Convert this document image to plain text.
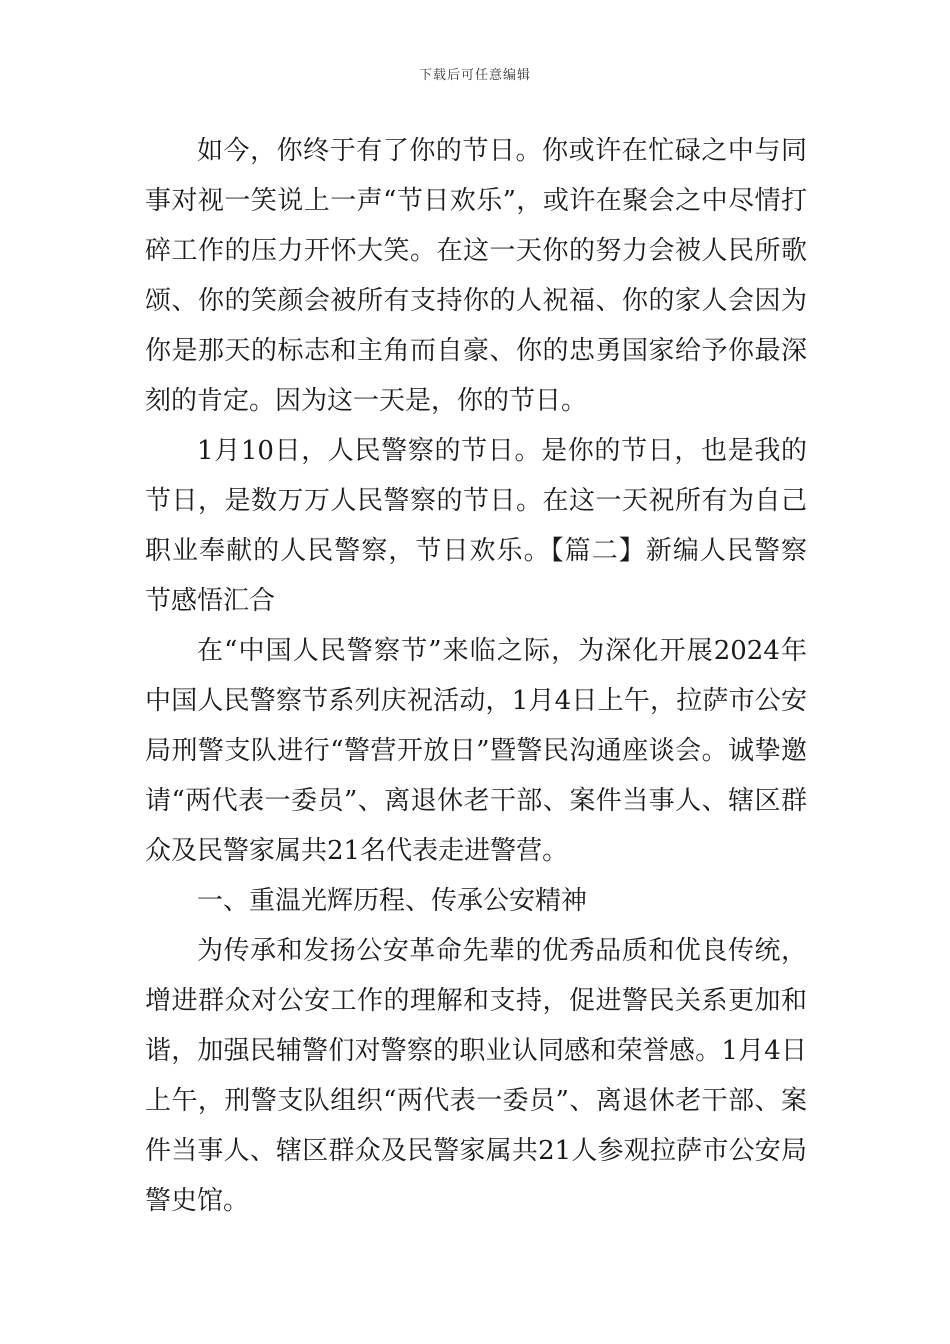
下载后可任意编辑

如今，你终于有了你的节日。你或许在忙碌之中与同事对视一笑说上一声“节日欢乐”，或许在聚会之中尽情打碎工作的压力开怀大笑。在这一天你的努力会被人民所歌颂、你的笑颜会被所有支持你的人祝福、你的家人会因为你是那天的标志和主角而自豪、你的忠勇国家给予你最深刻的肯定。因为这一天是，你的节日。

1月10日，人民警察的节日。是你的节日，也是我的节日，是数万万人民警察的节日。在这一天祝所有为自己职业奉献的人民警察，节日欢乐。【篇二】新编人民警察节感悟汇合

在“中国人民警察节”来临之际，为深化开展2024年中国人民警察节系列庆祝活动，1月4日上午，拉萨市公安局刑警支队进行“警营开放日”暨警民沟通座谈会。诚挚邀请“两代表一委员”、离退休老干部、案件当事人、辖区群众及民警家属共21名代表走进警营。

一、重温光辉历程、传承公安精神

为传承和发扬公安革命先辈的优秀品质和优良传统，增进群众对公安工作的理解和支持，促进警民关系更加和谐，加强民辅警们对警察的职业认同感和荣誉感。1月4日上午，刑警支队组织“两代表一委员”、离退休老干部、案件当事人、辖区群众及民警家属共21人参观拉萨市公安局警史馆。
